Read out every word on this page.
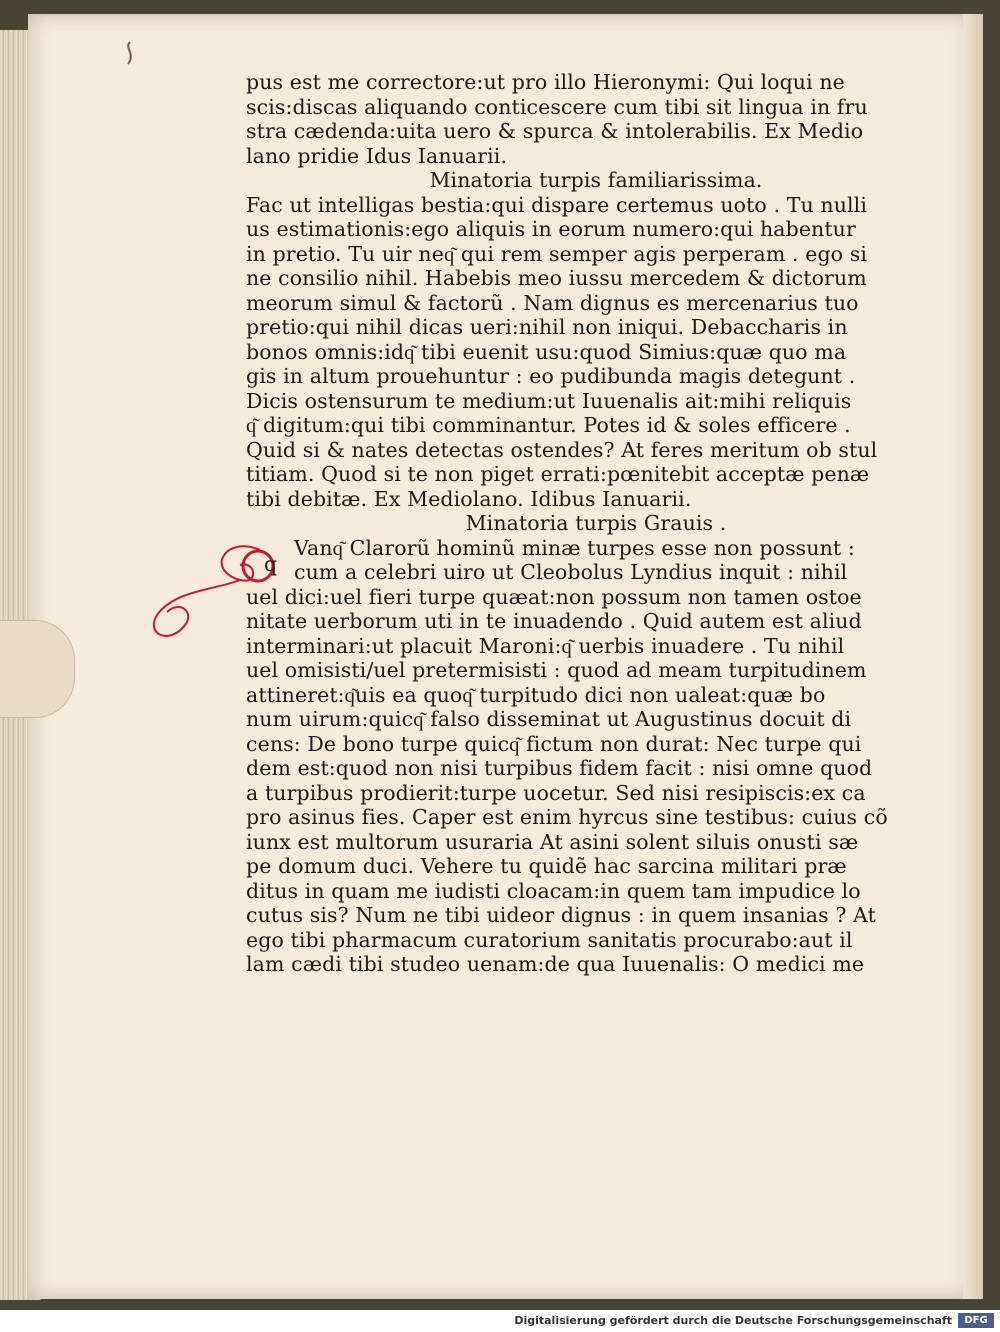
pus est me correctore:ut pro illo Hieronymi: Qui loqui ne
scis:discas aliquando conticescere cum tibi sit lingua in fru
stra cædenda:uita uero & spurca & intolerabilis. Ex Medio
lano pridie Idus Ianuarii.
Minatoria turpis familiarissima.
Fac ut intelligas bestia:qui dispare certemus uoto . Tu nulli
us estimationis:ego aliquis in eorum numero:qui habentur
in pretio. Tu uir neq͂ qui rem semper agis perperam . ego si
ne consilio nihil. Habebis meo iussu mercedem & dictorum
meorum simul & factorũ . Nam dignus es mercenarius tuo
pretio:qui nihil dicas ueri:nihil non iniqui. Debaccharis in
bonos omnis:idq͂ tibi euenit usu:quod Simius:quæ quo ma
gis in altum prouehuntur : eo pudibunda magis detegunt .
Dicis ostensurum te medium:ut Iuuenalis ait:mihi reliquis
q͂ digitum:qui tibi comminantur. Potes id & soles efficere .
Quid si & nates detectas ostendes? At feres meritum ob stul
titiam. Quod si te non piget errati:pœnitebit acceptæ penæ
tibi debitæ. Ex Mediolano. Idibus Ianuarii.
Minatoria turpis Grauis .
Vanq͂ Clarorũ hominũ minæ turpes esse non possunt :
cum a celebri uiro ut Cleobolus Lyndius inquit : nihil
uel dici:uel fieri turpe quæat:non possum non tamen ostoe
nitate uerborum uti in te inuadendo . Quid autem est aliud
interminari:ut placuit Maroni:q͂ uerbis inuadere . Tu nihil
uel omisisti/uel pretermisisti : quod ad meam turpitudinem
attineret:q͂uis ea quoq͂ turpitudo dici non ualeat:quæ bo
num uirum:quicq͂ falso disseminat ut Augustinus docuit di
cens: De bono turpe quicq͂ fictum non durat: Nec turpe qui
dem est:quod non nisi turpibus fidem facit : nisi omne quod
a turpibus prodierit:turpe uocetur. Sed nisi resipiscis:ex ca
pro asinus fies. Caper est enim hyrcus sine testibus: cuius cõ
iunx est multorum usuraria At asini solent siluis onusti sæ
pe domum duci. Vehere tu quidẽ hac sarcina militari præ
ditus in quam me iudisti cloacam:in quem tam impudice lo
cutus sis? Num ne tibi uideor dignus : in quem insanias ? At
ego tibi pharmacum curatorium sanitatis procurabo:aut il
lam cædi tibi studeo uenam:de qua Iuuenalis: O medici me
q
Digitalisierung gefördert durch die Deutsche Forschungsgemeinschaft	DFG
